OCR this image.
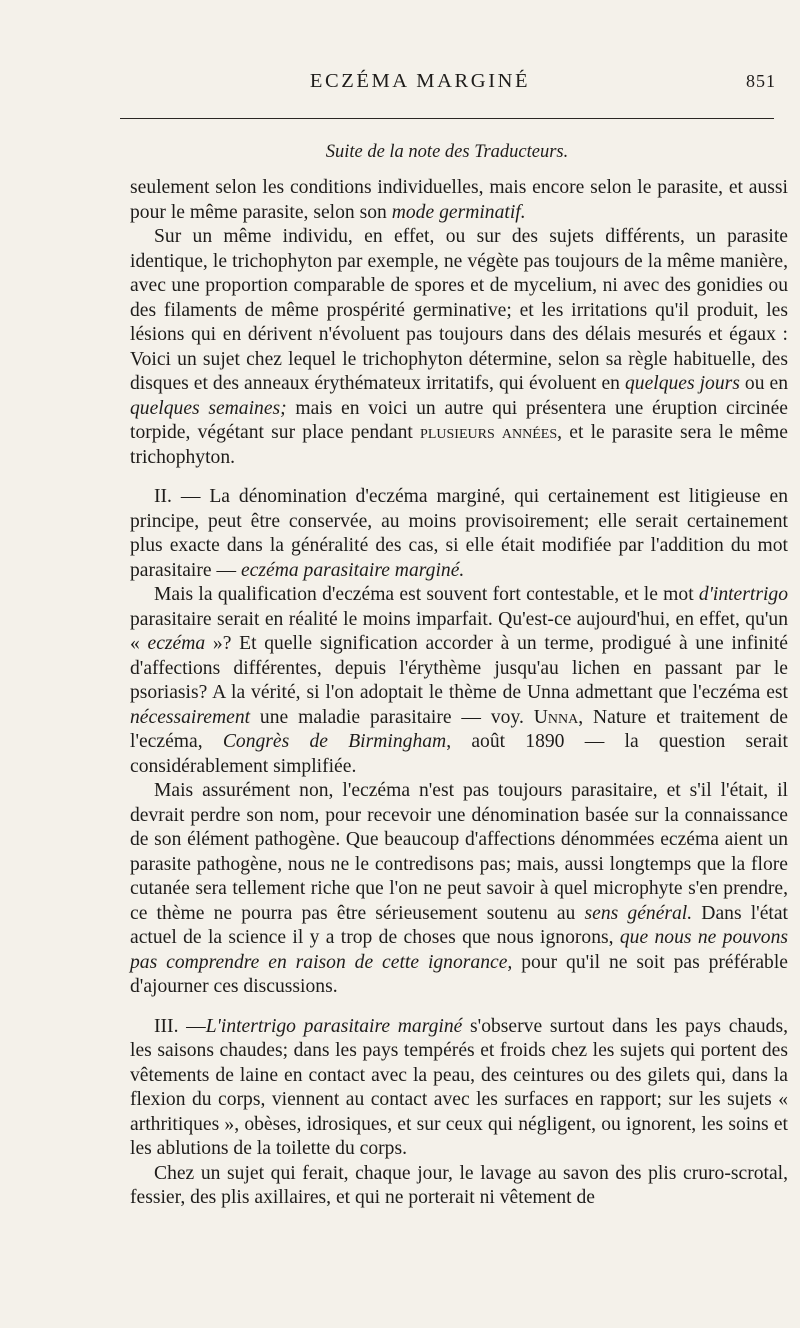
ECZÉMA MARGINÉ	851
Suite de la note des Traducteurs.

seulement selon les conditions individuelles, mais encore selon le parasite, et aussi pour le même parasite, selon son mode germinatif.

Sur un même individu, en effet, ou sur des sujets différents, un parasite identique, le trichophyton par exemple, ne végète pas toujours de la même manière, avec une proportion comparable de spores et de mycelium, ni avec des gonidies ou des filaments de même prospérité germinative; et les irritations qu'il produit, les lésions qui en dérivent n'évoluent pas toujours dans des délais mesurés et égaux : Voici un sujet chez lequel le trichophyton détermine, selon sa règle habituelle, des disques et des anneaux érythémateux irritatifs, qui évoluent en quelques jours ou en quelques semaines; mais en voici un autre qui présentera une éruption circinée torpide, végétant sur place pendant plusieurs années, et le parasite sera le même trichophyton.

II. — La dénomination d'eczéma marginé, qui certainement est litigieuse en principe, peut être conservée, au moins provisoirement; elle serait certainement plus exacte dans la généralité des cas, si elle était modifiée par l'addition du mot parasitaire — eczéma parasitaire marginé.

Mais la qualification d'eczéma est souvent fort contestable, et le mot d'intertrigo parasitaire serait en réalité le moins imparfait. Qu'est-ce aujourd'hui, en effet, qu'un « eczéma »? Et quelle signification accorder à un terme, prodigué à une infinité d'affections différentes, depuis l'érythème jusqu'au lichen en passant par le psoriasis? A la vérité, si l'on adoptait le thème de Unna admettant que l'eczéma est nécessairement une maladie parasitaire — voy. Unna, Nature et traitement de l'eczéma, Congrès de Birmingham, août 1890 — la question serait considérablement simplifiée.

Mais assurément non, l'eczéma n'est pas toujours parasitaire, et s'il l'était, il devrait perdre son nom, pour recevoir une dénomination basée sur la connaissance de son élément pathogène. Que beaucoup d'affections dénommées eczéma aient un parasite pathogène, nous ne le contredisons pas; mais, aussi longtemps que la flore cutanée sera tellement riche que l'on ne peut savoir à quel microphyte s'en prendre, ce thème ne pourra pas être sérieusement soutenu au sens général. Dans l'état actuel de la science il y a trop de choses que nous ignorons, que nous ne pouvons pas comprendre en raison de cette ignorance, pour qu'il ne soit pas préférable d'ajourner ces discussions.

III. —L'intertrigo parasitaire marginé s'observe surtout dans les pays chauds, les saisons chaudes; dans les pays tempérés et froids chez les sujets qui portent des vêtements de laine en contact avec la peau, des ceintures ou des gilets qui, dans la flexion du corps, viennent au contact avec les surfaces en rapport; sur les sujets « arthritiques », obèses, idrosiques, et sur ceux qui négligent, ou ignorent, les soins et les ablutions de la toilette du corps.

Chez un sujet qui ferait, chaque jour, le lavage au savon des plis cruro-scrotal, fessier, des plis axillaires, et qui ne porterait ni vêtement de
